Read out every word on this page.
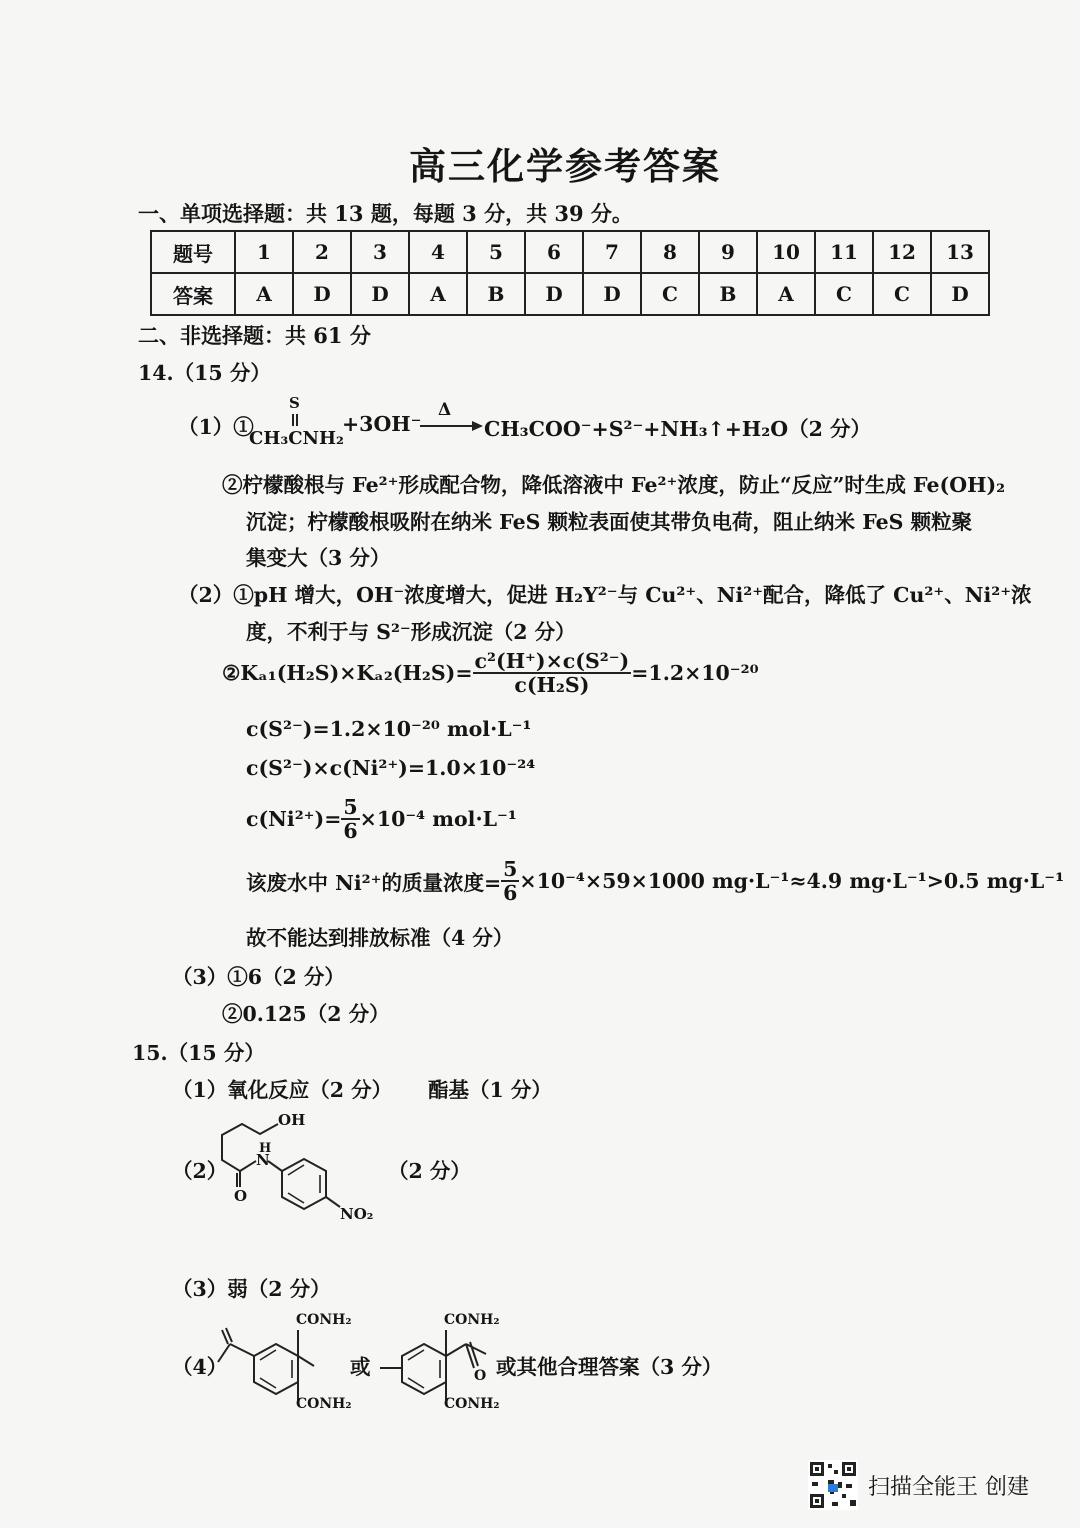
高三化学参考答案
一、单项选择题：共 13 题，每题 3 分，共 39 分。
题号	1	2	3	4	5	6	7	8	9	10	11	12	13
答案	A	D	D	A	B	D	D	C	B	A	C	C	D
二、非选择题：共 61 分
14.（15 分）
（1）①
S
CH₃CNH₂
+3OH⁻
Δ
CH₃COO⁻+S²⁻+NH₃↑+H₂O（2 分）
②柠檬酸根与 Fe²⁺形成配合物，降低溶液中 Fe²⁺浓度，防止“反应”时生成 Fe(OH)₂
沉淀；柠檬酸根吸附在纳米 FeS 颗粒表面使其带负电荷，阻止纳米 FeS 颗粒聚
集变大（3 分）
（2）①pH 增大，OH⁻浓度增大，促进 H₂Y²⁻与 Cu²⁺、Ni²⁺配合，降低了 Cu²⁺、Ni²⁺浓
度，不利于与 S²⁻形成沉淀（2 分）
②Kₐ₁(H₂S)×Kₐ₂(H₂S)= $\frac{\text{c²(H⁺)×c(S²⁻)}}{\text{c(H₂S)}} =1.2\times 10^{-20}$
c(S²⁻)=1.2×10⁻²⁰ mol·L⁻¹
c(S²⁻)×c(Ni²⁺)=1.0×10⁻²⁴
$c(Ni^{2+})= \frac{5}{6} \times 10^{-4}$ mol·L⁻¹
该废水中 Ni²⁺的质量浓度= $\frac{5}{6} \times 10^{-4}\times 59\times 1000$ mg·L⁻¹≈4.9 mg·L⁻¹>0.5 mg·L⁻¹
故不能达到排放标准（4 分）
（3）①6（2 分）
②0.125（2 分）
15.（15 分）
（1）氧化反应（2 分） 酯基（1 分）
（2）
OH
H
N
O
NO₂
（2 分）
（3）弱（2 分）
（4）
CONH₂
CONH₂
或
CONH₂
O
CONH₂
或其他合理答案（3 分）
扫描全能王 创建
